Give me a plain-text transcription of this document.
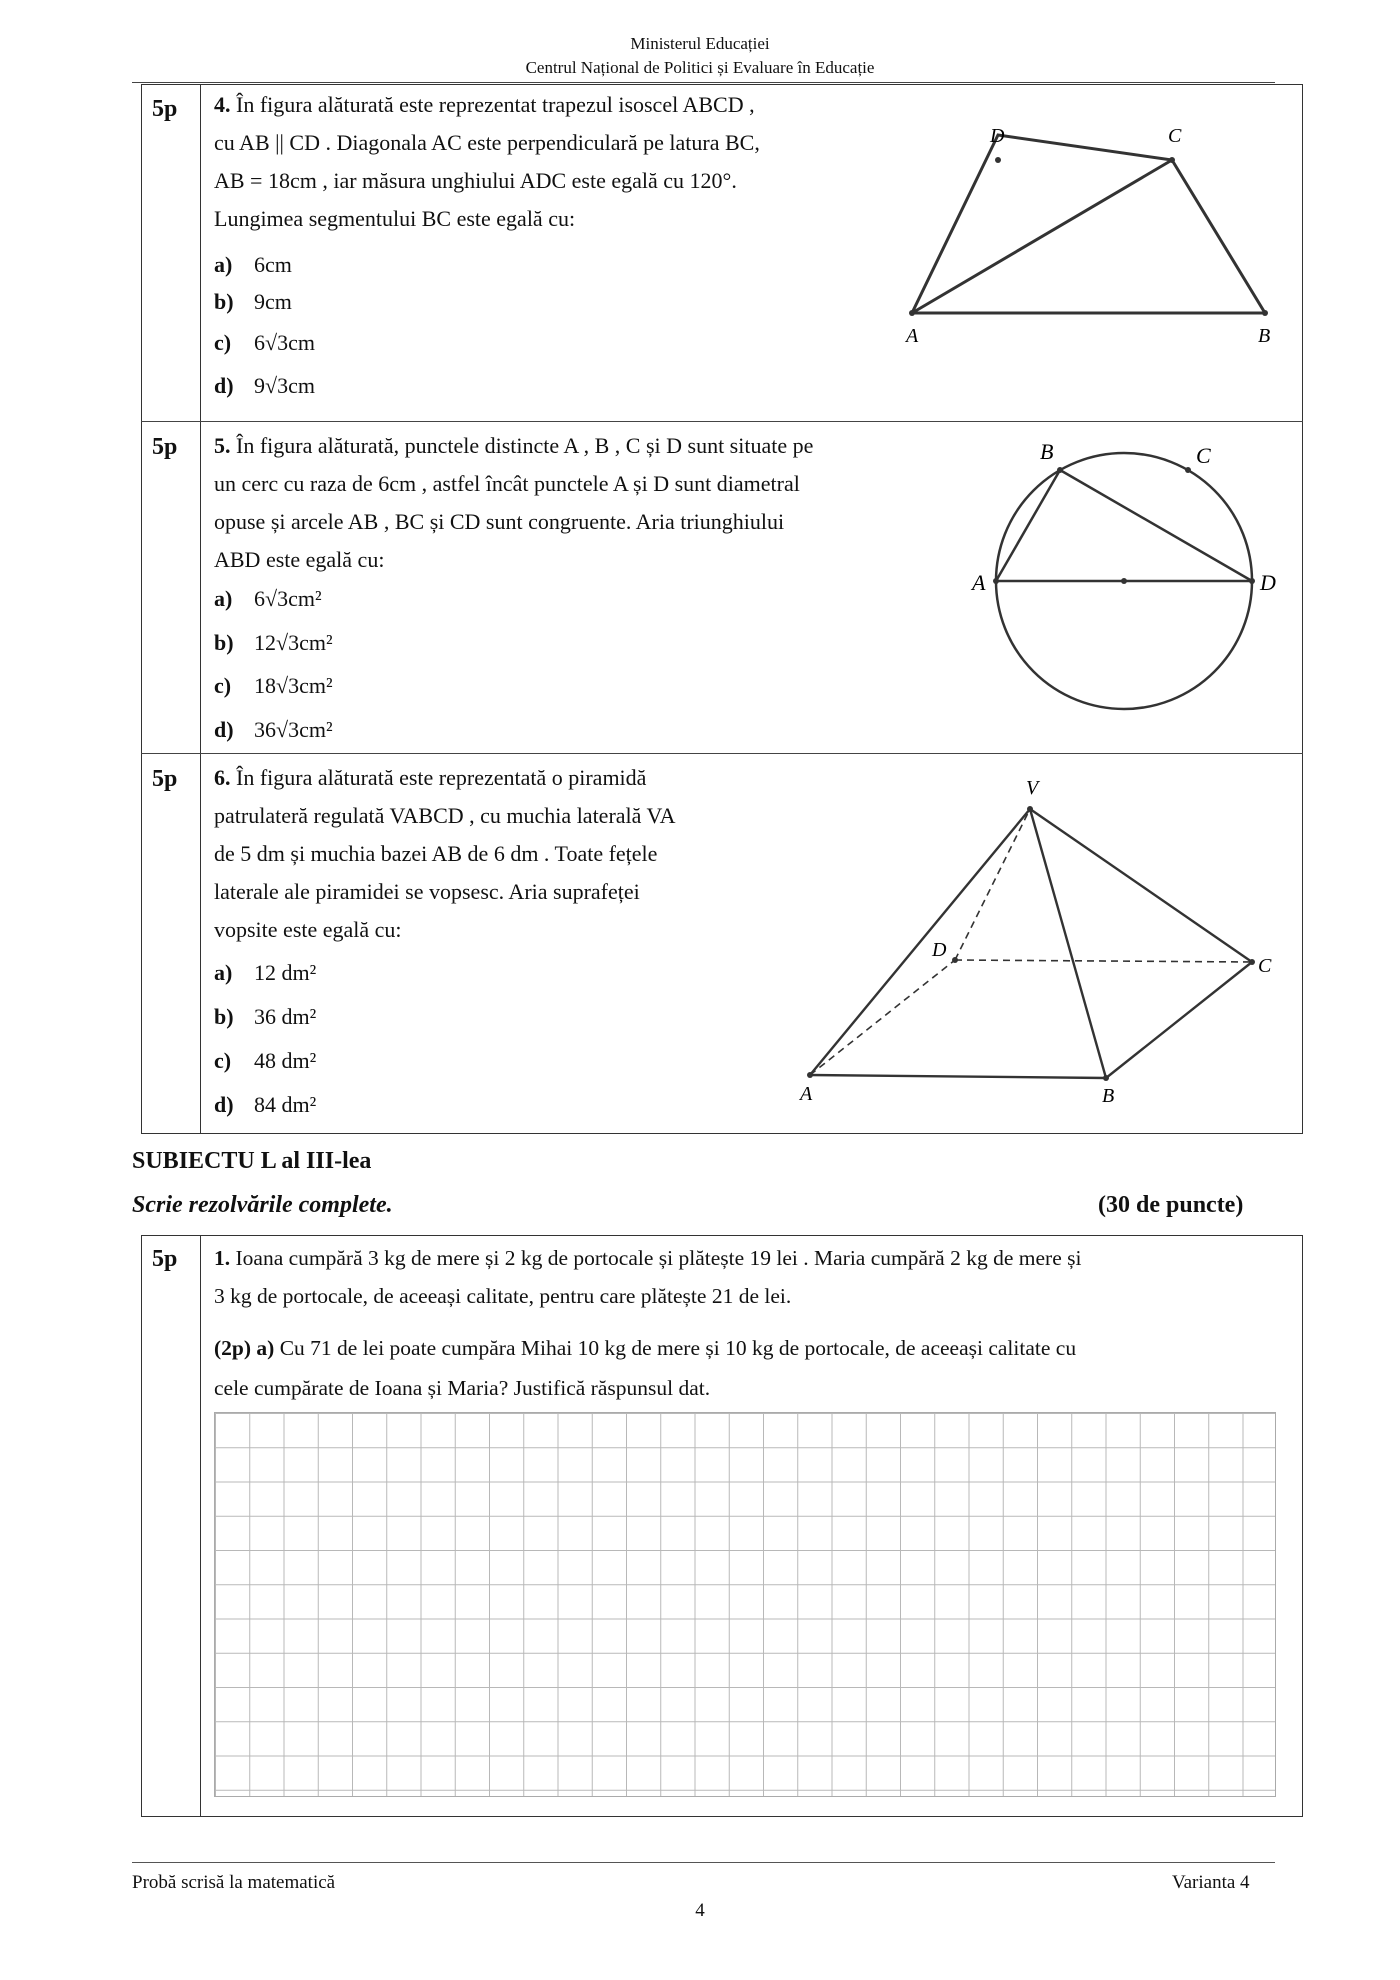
Ministerul Educației
Centrul Național de Politici și Evaluare în Educație
5p 4. În figura alăturată este reprezentat trapezul isoscel ABCD ,

cu AB || CD . Diagonala AC este perpendiculară pe latura BC,

AB = 18cm , iar măsura unghiului ADC este egală cu 120°.

Lungimea segmentului BC este egală cu:

a) 6cm
b) 9cm
c) 6√3cm
d) 9√3cm
D	C
A	B
5p 5. În figura alăturată, punctele distincte A , B , C și D sunt situate pe

un cerc cu raza de 6cm , astfel încât punctele A și D sunt diametral

opuse și arcele AB , BC și CD sunt congruente. Aria triunghiului

ABD este egală cu:

a) 6√3cm²
b) 12√3cm²
c) 18√3cm²
d) 36√3cm²
B	C
A	D
5p 6. În figura alăturată este reprezentată o piramidă

patrulateră regulată VABCD , cu muchia laterală VA

de 5 dm și muchia bazei AB de 6 dm . Toate fețele

laterale ale piramidei se vopsesc. Aria suprafeței

vopsite este egală cu:

a) 12 dm²
b) 36 dm²
c) 48 dm²
d) 84 dm²
V
A	B
C
D
SUBIECTU L al III-lea
Scrie rezolvările complete.	(30 de puncte)
5p 1. Ioana cumpără 3 kg de mere și 2 kg de portocale și plătește 19 lei . Maria cumpără 2 kg de mere și

3 kg de portocale, de aceeași calitate, pentru care plătește 21 de lei.

(2p) a) Cu 71 de lei poate cumpăra Mihai 10 kg de mere și 10 kg de portocale, de aceeași calitate cu

cele cumpărate de Ioana și Maria? Justifică răspunsul dat.

Probă scrisă la matematică	Varianta 4
4
